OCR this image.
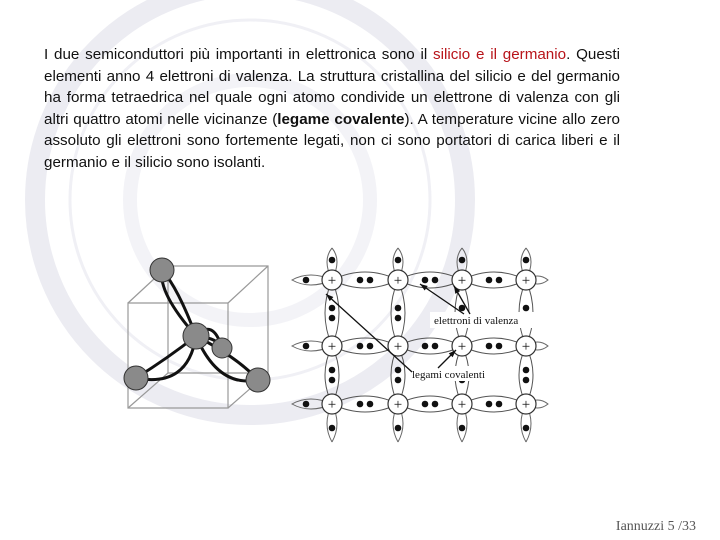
I due semiconduttori più importanti in elettronica sono il silicio e il germanio. Questi elementi anno 4 elettroni di valenza. La struttura cristallina del silicio e del germanio ha forma tetraedrica nel quale ogni atomo condivide un elettrone di valenza con gli altri quattro atomi nelle vicinanze (legame covalente). A temperature vicine allo zero assoluto gli elettroni sono fortemente legati, non ci sono portatori di carica liberi e il germanio e il silicio sono isolanti.

+
+
+
+
+
+
+
+
+
+
+
+
elettroni di valenza
legami covalenti
Iannuzzi 5 /33
